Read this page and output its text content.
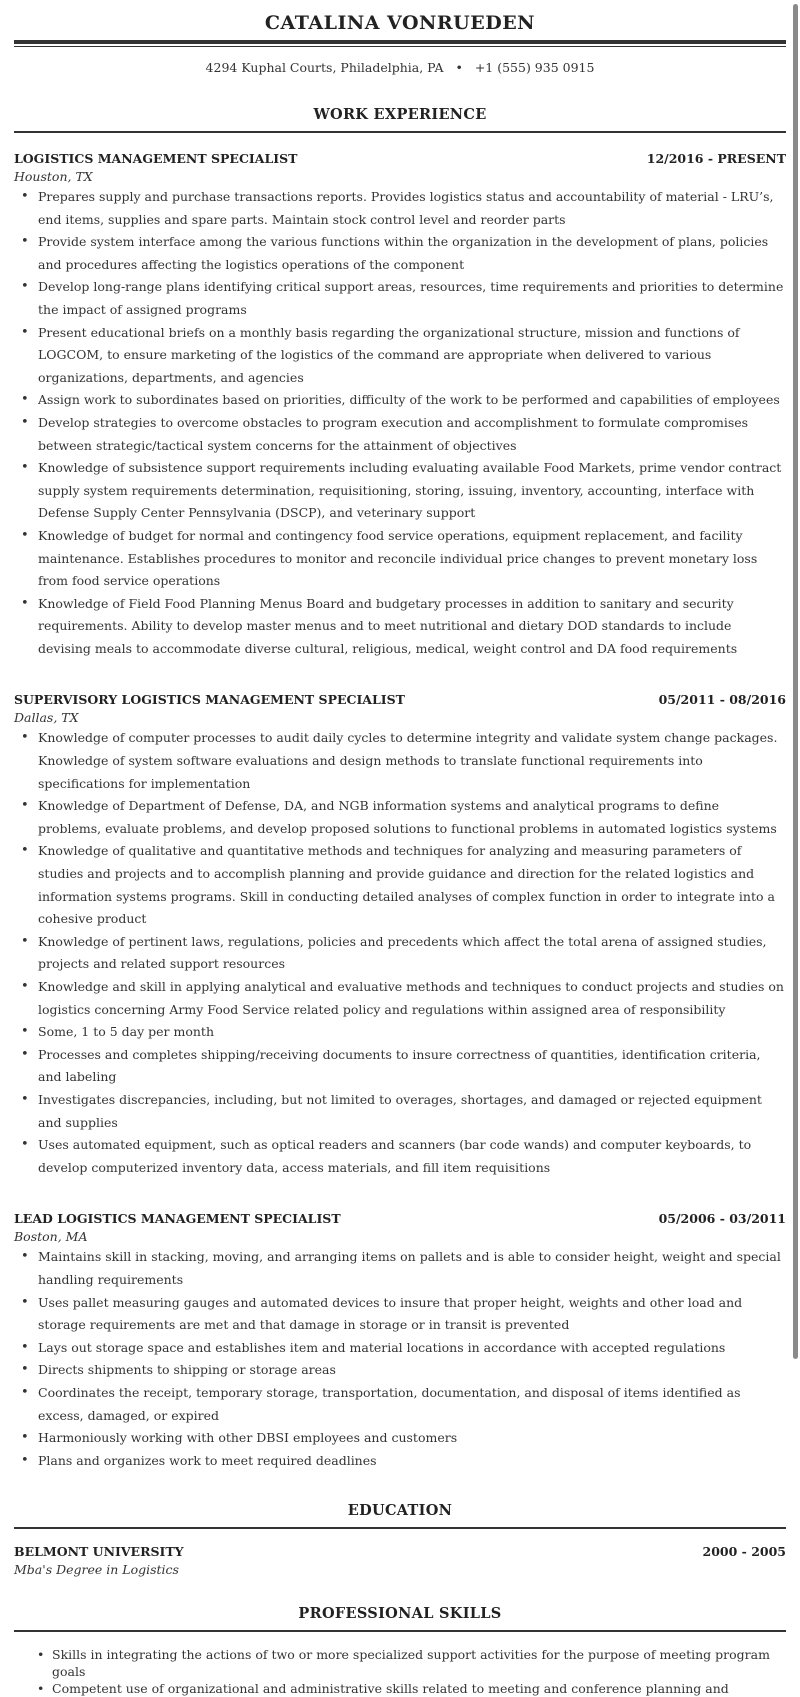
CATALINA VONRUEDEN
4294 Kuphal Courts, Philadelphia, PA • +1 (555) 935 0915
WORK EXPERIENCE
LOGISTICS MANAGEMENT SPECIALIST	12/2016 - PRESENT
Houston, TX
• Prepares supply and purchase transactions reports. Provides logistics status and accountability of material - LRU’s, end items, supplies and spare parts. Maintain stock control level and reorder parts
• Provide system interface among the various functions within the organization in the development of plans, policies and procedures affecting the logistics operations of the component
• Develop long-range plans identifying critical support areas, resources, time requirements and priorities to determine the impact of assigned programs
• Present educational briefs on a monthly basis regarding the organizational structure, mission and functions of LOGCOM, to ensure marketing of the logistics of the command are appropriate when delivered to various organizations, departments, and agencies
• Assign work to subordinates based on priorities, difficulty of the work to be performed and capabilities of employees
• Develop strategies to overcome obstacles to program execution and accomplishment to formulate compromises between strategic/tactical system concerns for the attainment of objectives
• Knowledge of subsistence support requirements including evaluating available Food Markets, prime vendor contract supply system requirements determination, requisitioning, storing, issuing, inventory, accounting, interface with Defense Supply Center Pennsylvania (DSCP), and veterinary support
• Knowledge of budget for normal and contingency food service operations, equipment replacement, and facility maintenance. Establishes procedures to monitor and reconcile individual price changes to prevent monetary loss from food service operations
• Knowledge of Field Food Planning Menus Board and budgetary processes in addition to sanitary and security requirements. Ability to develop master menus and to meet nutritional and dietary DOD standards to include devising meals to accommodate diverse cultural, religious, medical, weight control and DA food requirements
SUPERVISORY LOGISTICS MANAGEMENT SPECIALIST	05/2011 - 08/2016
Dallas, TX
• Knowledge of computer processes to audit daily cycles to determine integrity and validate system change packages. Knowledge of system software evaluations and design methods to translate functional requirements into specifications for implementation
• Knowledge of Department of Defense, DA, and NGB information systems and analytical programs to define problems, evaluate problems, and develop proposed solutions to functional problems in automated logistics systems
• Knowledge of qualitative and quantitative methods and techniques for analyzing and measuring parameters of studies and projects and to accomplish planning and provide guidance and direction for the related logistics and information systems programs. Skill in conducting detailed analyses of complex function in order to integrate into a cohesive product
• Knowledge of pertinent laws, regulations, policies and precedents which affect the total arena of assigned studies, projects and related support resources
• Knowledge and skill in applying analytical and evaluative methods and techniques to conduct projects and studies on logistics concerning Army Food Service related policy and regulations within assigned area of responsibility
• Some, 1 to 5 day per month
• Processes and completes shipping/receiving documents to insure correctness of quantities, identification criteria, and labeling
• Investigates discrepancies, including, but not limited to overages, shortages, and damaged or rejected equipment and supplies
• Uses automated equipment, such as optical readers and scanners (bar code wands) and computer keyboards, to develop computerized inventory data, access materials, and fill item requisitions
LEAD LOGISTICS MANAGEMENT SPECIALIST	05/2006 - 03/2011
Boston, MA
• Maintains skill in stacking, moving, and arranging items on pallets and is able to consider height, weight and special handling requirements
• Uses pallet measuring gauges and automated devices to insure that proper height, weights and other load and storage requirements are met and that damage in storage or in transit is prevented
• Lays out storage space and establishes item and material locations in accordance with accepted regulations
• Directs shipments to shipping or storage areas
• Coordinates the receipt, temporary storage, transportation, documentation, and disposal of items identified as excess, damaged, or expired
• Harmoniously working with other DBSI employees and customers
• Plans and organizes work to meet required deadlines
EDUCATION
BELMONT UNIVERSITY	2000 - 2005
Mba's Degree in Logistics
PROFESSIONAL SKILLS
• Skills in integrating the actions of two or more specialized support activities for the purpose of meeting program goals
• Competent use of organizational and administrative skills related to meeting and conference planning and
